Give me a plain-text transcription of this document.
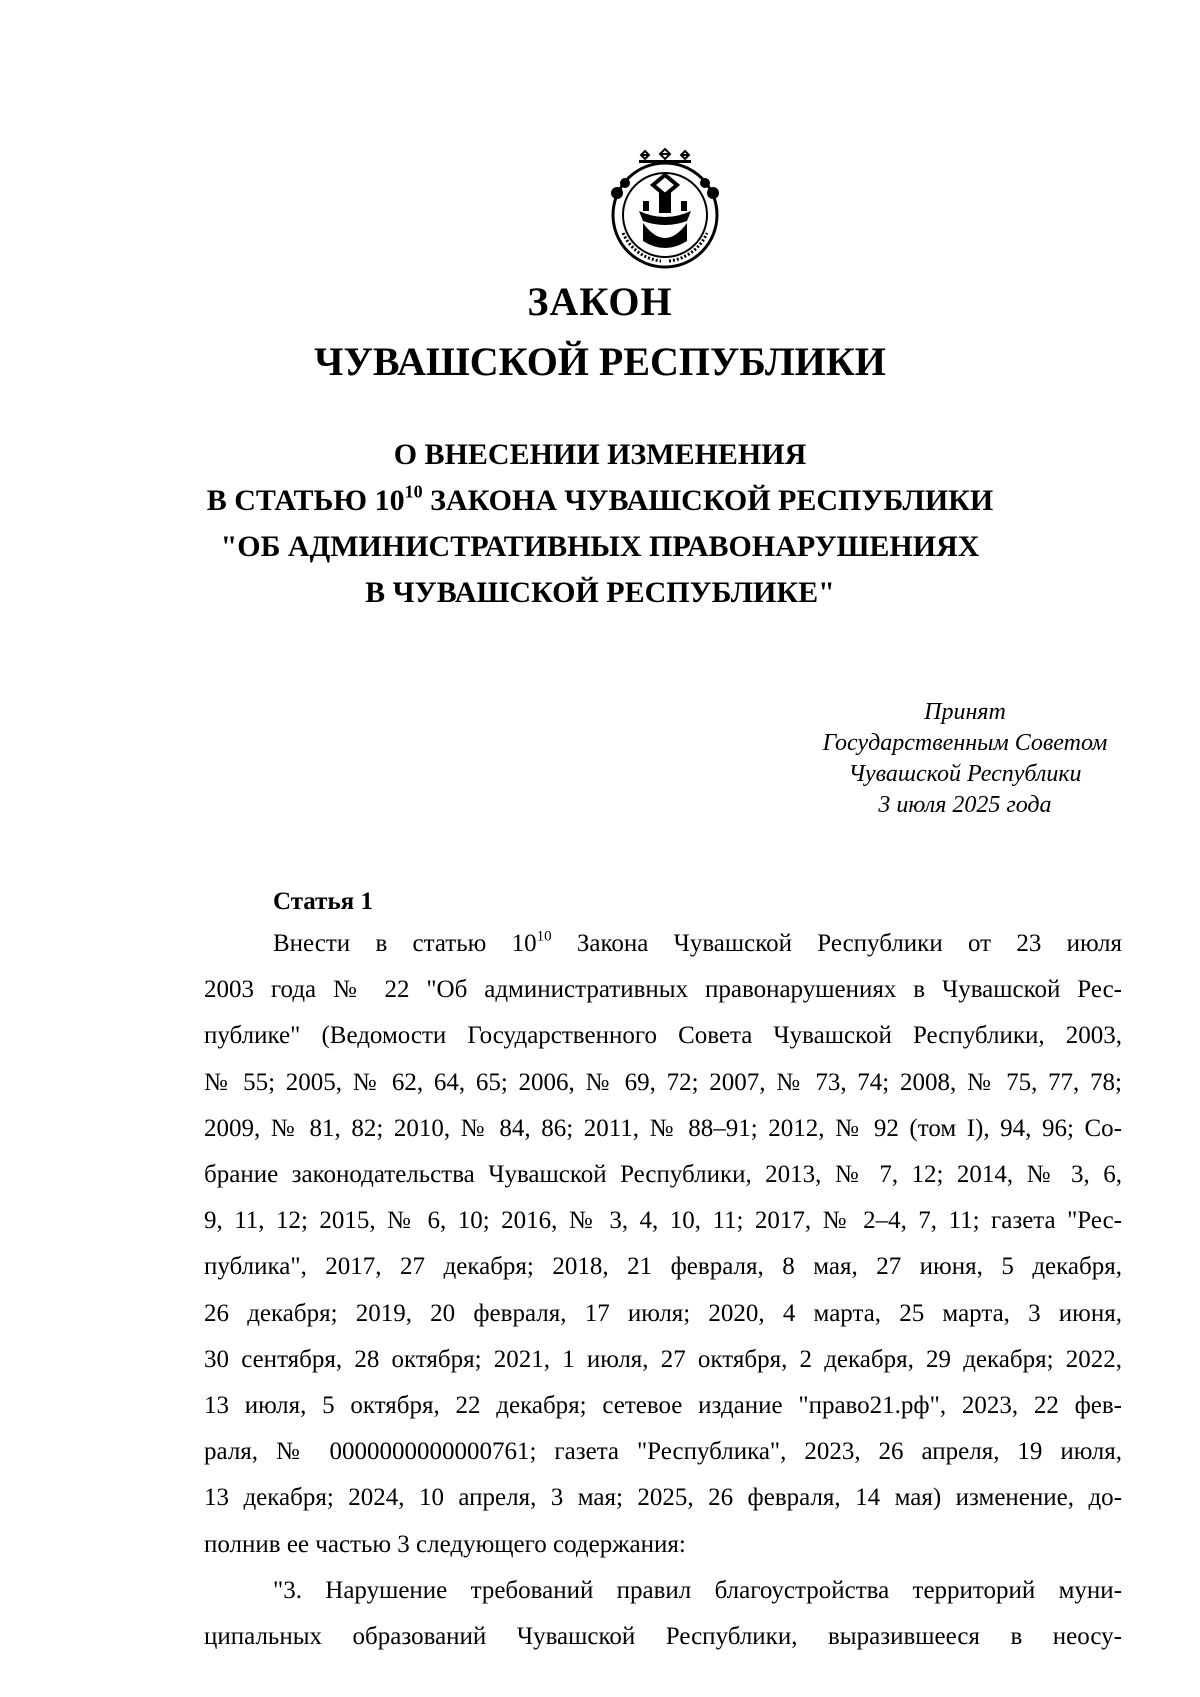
ЗАКОН
ЧУВАШСКОЙ РЕСПУБЛИКИ
О ВНЕСЕНИИ ИЗМЕНЕНИЯ
В СТАТЬЮ $10^{10}$ ЗАКОНА ЧУВАШСКОЙ РЕСПУБЛИКИ
"ОБ АДМИНИСТРАТИВНЫХ ПРАВОНАРУШЕНИЯХ
В ЧУВАШСКОЙ РЕСПУБЛИКЕ"
Принят
Государственным Советом
Чувашской Республики
3 июля 2025 года
Статья 1
Внести в статью $10^{10}$ Закона Чувашской Республики от 23 июля
2003 года № 22 "Об административных правонарушениях в Чувашской Рес-
публике" (Ведомости Государственного Совета Чувашской Республики, 2003,
№ 55; 2005, № 62, 64, 65; 2006, № 69, 72; 2007, № 73, 74; 2008, № 75, 77, 78;
2009, № 81, 82; 2010, № 84, 86; 2011, № 88–91; 2012, № 92 (том I), 94, 96; Со-
брание законодательства Чувашской Республики, 2013, № 7, 12; 2014, № 3, 6,
9, 11, 12; 2015, № 6, 10; 2016, № 3, 4, 10, 11; 2017, № 2–4, 7, 11; газета "Рес-
публика", 2017, 27 декабря; 2018, 21 февраля, 8 мая, 27 июня, 5 декабря,
26 декабря; 2019, 20 февраля, 17 июля; 2020, 4 марта, 25 марта, 3 июня,
30 сентября, 28 октября; 2021, 1 июля, 27 октября, 2 декабря, 29 декабря; 2022,
13 июля, 5 октября, 22 декабря; сетевое издание "право21.рф", 2023, 22 фев-
раля, № 0000000000000761; газета "Республика", 2023, 26 апреля, 19 июля,
13 декабря; 2024, 10 апреля, 3 мая; 2025, 26 февраля, 14 мая) изменение, до-
полнив ее частью 3 следующего содержания:
"3. Нарушение требований правил благоустройства территорий муни-
ципальных образований Чувашской Республики, выразившееся в неосу-
